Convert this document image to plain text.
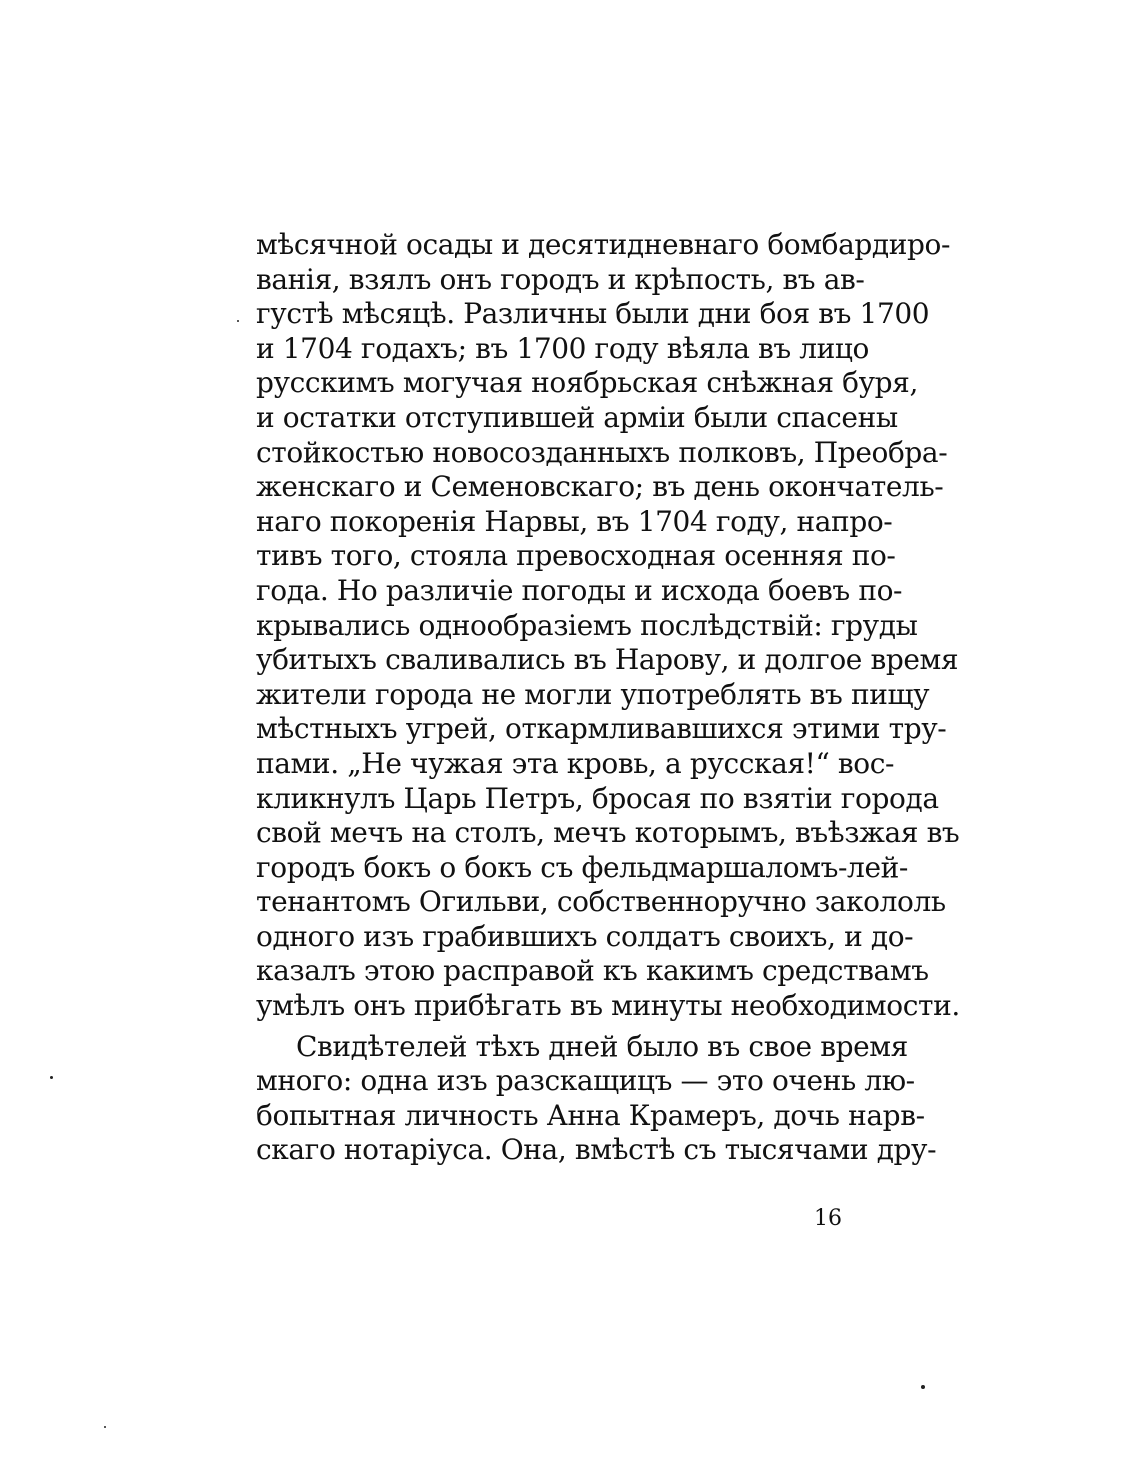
мѣсячной осады и десятидневнаго бомбардиро-
ванія, взялъ онъ городъ и крѣпость, въ ав-
густѣ мѣсяцѣ. Различны были дни боя въ 1700
и 1704 годахъ; въ 1700 году вѣяла въ лицо
русскимъ могучая ноябрьская снѣжная буря,
и остатки отступившей арміи были спасены
стойкостью новосозданныхъ полковъ, Преобра-
женскаго и Семеновскаго; въ день окончатель-
наго покоренія Нарвы, въ 1704 году, напро-
тивъ того, стояла превосходная осенняя по-
года. Но различіе погоды и исхода боевъ по-
крывались однообразіемъ послѣдствій: груды
убитыхъ сваливались въ Нарову, и долгое время
жители города не могли употреблять въ пищу
мѣстныхъ угрей, откармливавшихся этими тру-
пами. „Не чужая эта кровь, а русская!“ вос-
кликнулъ Царь Петръ, бросая по взятіи города
свой мечъ на столъ, мечъ которымъ, въѣзжая въ
городъ бокъ о бокъ съ фельдмаршаломъ-лей-
тенантомъ Огильви, собственноручно закололь
одного изъ грабившихъ солдатъ своихъ, и до-
казалъ этою расправой къ какимъ средствамъ
умѣлъ онъ прибѣгать въ минуты необходимости.
Свидѣтелей тѣхъ дней было въ свое время
много: одна изъ разскащицъ — это очень лю-
бопытная личность Анна Крамеръ, дочь нарв-
скаго нотаріуса. Она, вмѣстѣ съ тысячами дру-
16
